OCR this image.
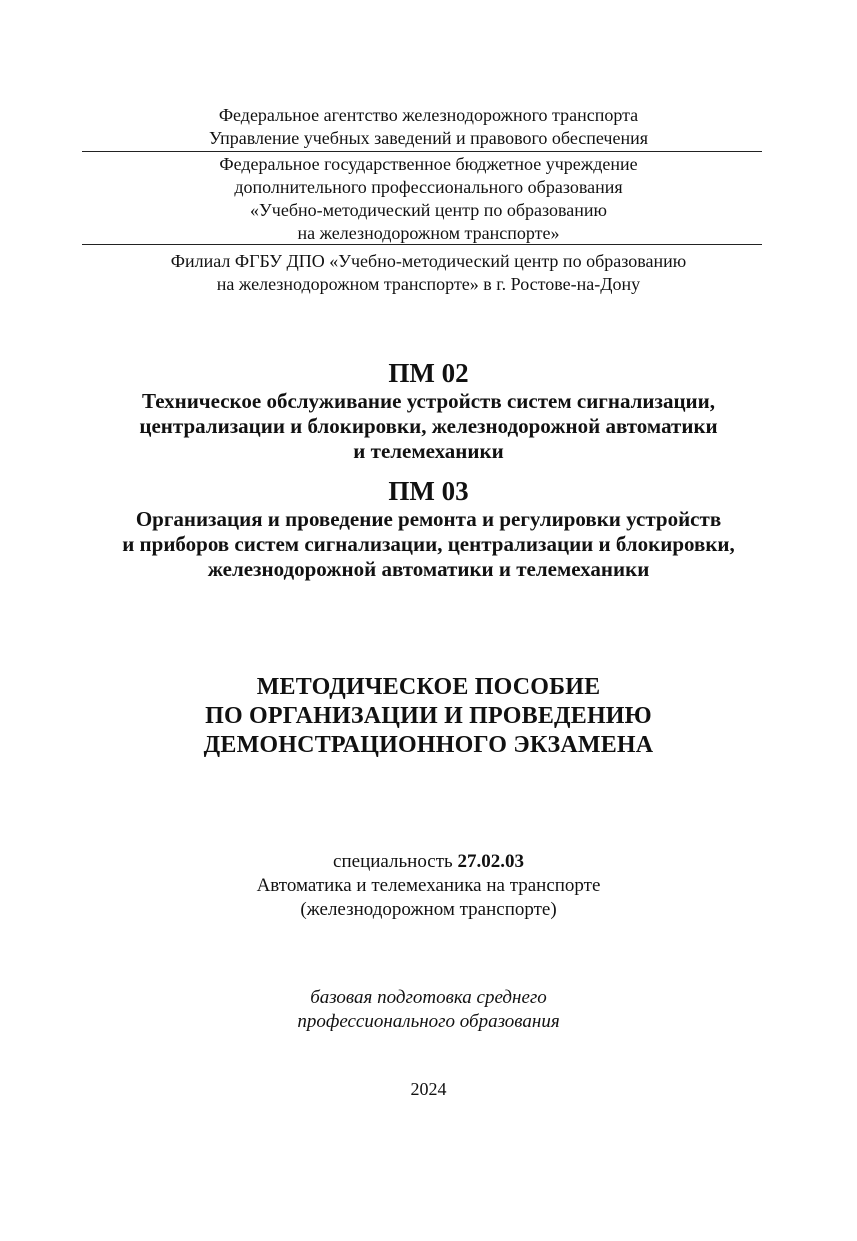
Федеральное агентство железнодорожного транспорта
Управление учебных заведений и правового обеспечения
Федеральное государственное бюджетное учреждение
дополнительного профессионального образования
«Учебно-методический центр по образованию
на железнодорожном транспорте»
Филиал ФГБУ ДПО «Учебно-методический центр по образованию
на железнодорожном транспорте» в г. Ростове-на-Дону
ПМ 02
Техническое обслуживание устройств систем сигнализации,
централизации и блокировки, железнодорожной автоматики
и телемеханики
ПМ 03
Организация и проведение ремонта и регулировки устройств
и приборов систем сигнализации, централизации и блокировки,
железнодорожной автоматики и телемеханики
МЕТОДИЧЕСКОЕ ПОСОБИЕ
ПО ОРГАНИЗАЦИИ И ПРОВЕДЕНИЮ
ДЕМОНСТРАЦИОННОГО ЭКЗАМЕНА
специальность 27.02.03
Автоматика и телемеханика на транспорте
(железнодорожном транспорте)
базовая подготовка среднего
профессионального образования
2024
